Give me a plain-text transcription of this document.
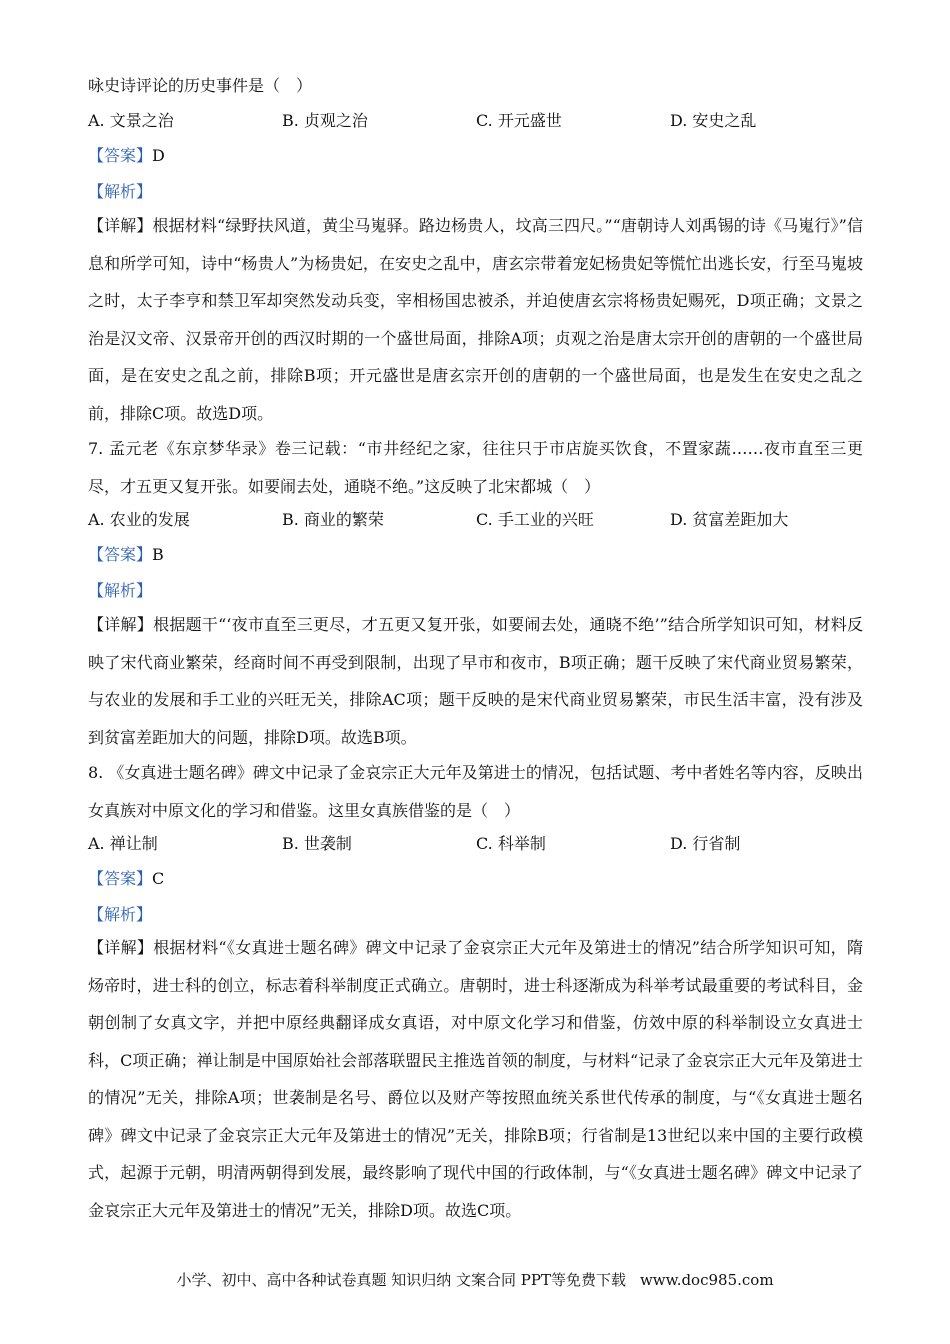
咏史诗评论的历史事件是（　）
A. 文景之治	B. 贞观之治	C. 开元盛世	D. 安史之乱
【答案】D
【解析】
【详解】根据材料“绿野扶风道，黄尘马嵬驿。路边杨贵人，坟高三四尺。”“唐朝诗人刘禹锡的诗《马嵬行》”信息和所学可知，诗中“杨贵人”为杨贵妃，在安史之乱中，唐玄宗带着宠妃杨贵妃等慌忙出逃长安，行至马嵬坡之时，太子李亨和禁卫军却突然发动兵变，宰相杨国忠被杀，并迫使唐玄宗将杨贵妃赐死，D项正确；文景之治是汉文帝、汉景帝开创的西汉时期的一个盛世局面，排除A项；贞观之治是唐太宗开创的唐朝的一个盛世局面，是在安史之乱之前，排除B项；开元盛世是唐玄宗开创的唐朝的一个盛世局面，也是发生在安史之乱之前，排除C项。故选D项。
7. 孟元老《东京梦华录》卷三记载：“市井经纪之家，往往只于市店旋买饮食，不置家蔬……夜市直至三更尽，才五更又复开张。如要闹去处，通晓不绝。”这反映了北宋都城（　）
A. 农业的发展	B. 商业的繁荣	C. 手工业的兴旺	D. 贫富差距加大
【答案】B
【解析】
【详解】根据题干“‘夜市直至三更尽，才五更又复开张，如要闹去处，通晓不绝’”结合所学知识可知，材料反映了宋代商业繁荣，经商时间不再受到限制，出现了早市和夜市，B项正确；题干反映了宋代商业贸易繁荣，与农业的发展和手工业的兴旺无关，排除AC项；题干反映的是宋代商业贸易繁荣，市民生活丰富，没有涉及到贫富差距加大的问题，排除D项。故选B项。
8. 《女真进士题名碑》碑文中记录了金哀宗正大元年及第进士的情况，包括试题、考中者姓名等内容，反映出女真族对中原文化的学习和借鉴。这里女真族借鉴的是（　）
A. 禅让制	B. 世袭制	C. 科举制	D. 行省制
【答案】C
【解析】
【详解】根据材料“《女真进士题名碑》碑文中记录了金哀宗正大元年及第进士的情况”结合所学知识可知，隋炀帝时，进士科的创立，标志着科举制度正式确立。唐朝时，进士科逐渐成为科举考试最重要的考试科目，金朝创制了女真文字，并把中原经典翻译成女真语，对中原文化学习和借鉴，仿效中原的科举制设立女真进士科，C项正确；禅让制是中国原始社会部落联盟民主推选首领的制度，与材料“记录了金哀宗正大元年及第进士的情况”无关，排除A项；世袭制是名号、爵位以及财产等按照血统关系世代传承的制度，与“《女真进士题名碑》碑文中记录了金哀宗正大元年及第进士的情况”无关，排除B项；行省制是13世纪以来中国的主要行政模式，起源于元朝，明清两朝得到发展，最终影响了现代中国的行政体制，与“《女真进士题名碑》碑文中记录了金哀宗正大元年及第进士的情况”无关，排除D项。故选C项。
小学、初中、高中各种试卷真题 知识归纳 文案合同 PPT等免费下载 www.doc985.com
